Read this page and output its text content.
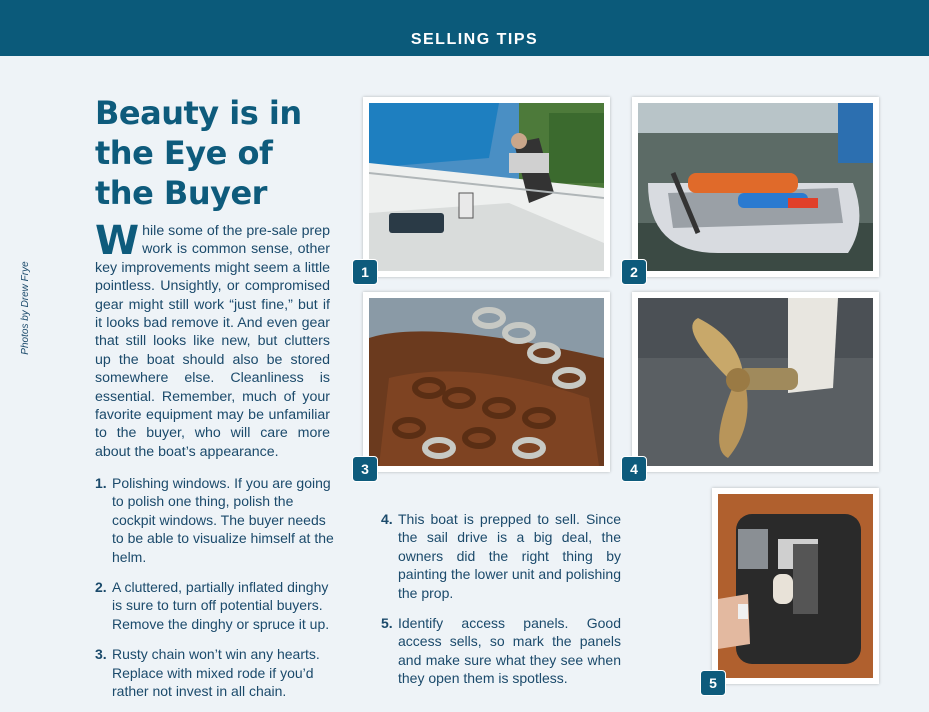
SELLING TIPS
Photos by Drew Frye
Beauty is in
the Eye of
the Buyer
While some of the pre-sale prep work is common sense, other key improvements might seem a little pointless. Unsightly, or compromised gear might still work “just fine,” but if it looks bad remove it. And even gear that still looks like new, but clutters up the boat should also be stored somewhere else. Cleanliness is essential. Remember, much of your favorite equipment may be unfamiliar to the buyer, who will care more about the boat’s appearance.
1. Polishing windows. If you are going to polish one thing, polish the cockpit windows. The buyer needs to be able to visualize himself at the helm.
2. A cluttered, partially inflated dinghy is sure to turn off potential buyers. Remove the dinghy or spruce it up.
3. Rusty chain won’t win any hearts. Replace with mixed rode if you’d rather not invest in all chain.
4. This boat is prepped to sell. Since the sail drive is a big deal, the owners did the right thing by painting the lower unit and polishing the prop.
5. Identify access panels. Good access sells, so mark the panels and make sure what they see when they open them is spotless.
1	2
3	4
5
